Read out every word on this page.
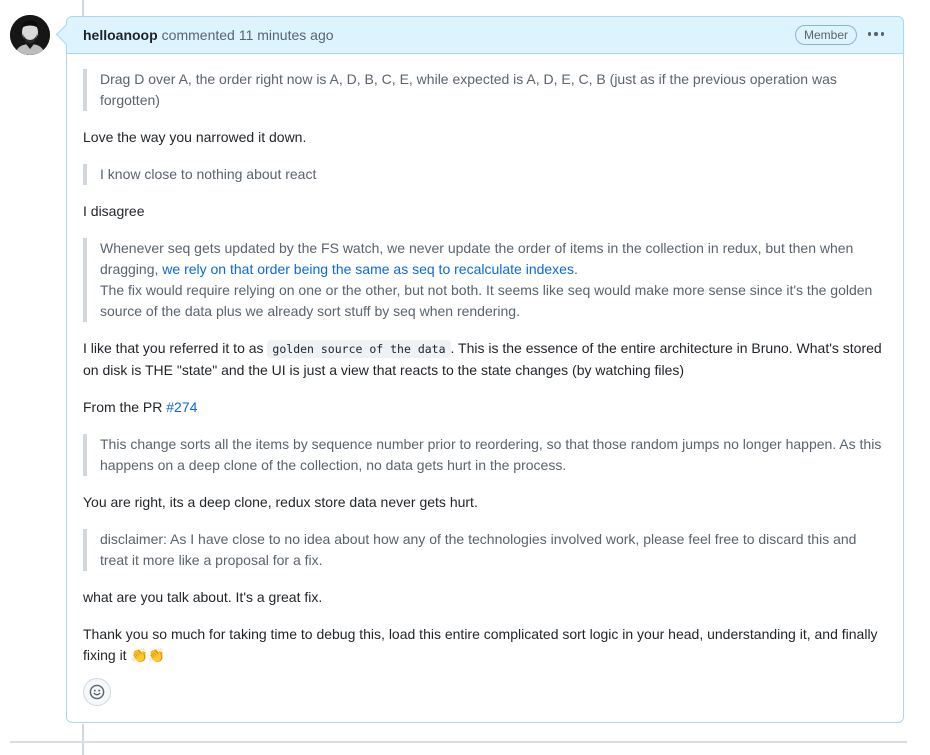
helloanoop commented 11 minutes ago	Member
Drag D over A, the order right now is A, D, B, C, E, while expected is A, D, E, C, B (just as if the previous operation was forgotten)

Love the way you narrowed it down.

I know close to nothing about react

I disagree

Whenever seq gets updated by the FS watch, we never update the order of items in the collection in redux, but then when dragging, we rely on that order being the same as seq to recalculate indexes.
The fix would require relying on one or the other, but not both. It seems like seq would make more sense since it's the golden source of the data plus we already sort stuff by seq when rendering.

I like that you referred it to as golden source of the data . This is the essence of the entire architecture in Bruno. What's stored on disk is THE "state" and the UI is just a view that reacts to the state changes (by watching files)

From the PR #274

This change sorts all the items by sequence number prior to reordering, so that those random jumps no longer happen. As this happens on a deep clone of the collection, no data gets hurt in the process.

You are right, its a deep clone, redux store data never gets hurt.

disclaimer: As I have close to no idea about how any of the technologies involved work, please feel free to discard this and treat it more like a proposal for a fix.

what are you talk about. It's a great fix.

Thank you so much for taking time to debug this, load this entire complicated sort logic in your head, understanding it, and finally fixing it 👏👏
